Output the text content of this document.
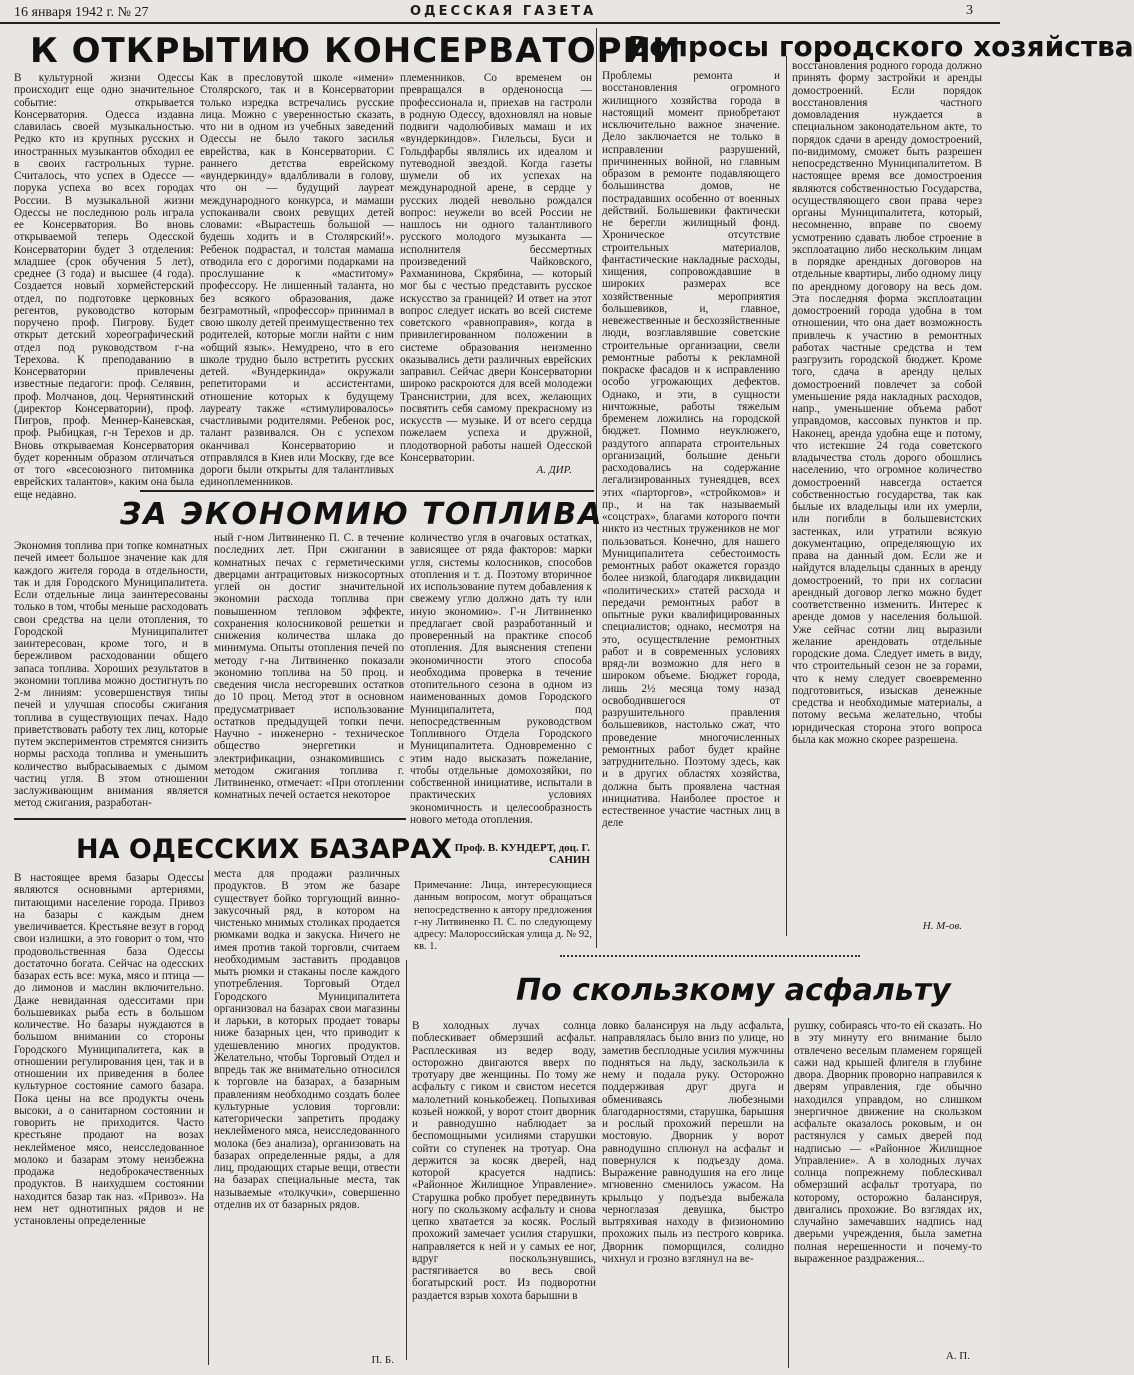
16 января 1942 г. № 27	ОДЕССКАЯ ГАЗЕТА	3
К ОТКРЫТИЮ КОНСЕРВАТОРИИ
В культурной жизни Одессы происходит еще одно значительное событие: открывается Консерватория. Одесса издавна славилась своей музыкальностью. Редко кто из крупных русских и иностранных музыкантов обходил ее в своих гастрольных турне. Считалось, что успех в Одессе — порука успеха во всех городах России. В музыкальной жизни Одессы не последнюю роль играла ее Консерватория. Во вновь открываемой теперь Одесской Консерватории будет 3 отделения: младшее (срок обучения 5 лет), среднее (3 года) и высшее (4 года). Создается новый хормейстерский отдел, по подготовке церковных регентов, руководство которым поручено проф. Пигрову. Будет открыт детский хореографический отдел под руководством г-на Терехова. К преподаванию в Консерватории привлечены известные педагоги: проф. Селявин, проф. Молчанов, доц. Чернятинский (директор Консерватории), проф. Пигров, проф. Меннер-Каневская, проф. Рыбицкая, г-н Терехов и др. Вновь открываемая Консерватория будет коренным образом отличаться от того «всесоюзного питомника еврейских талантов», каким она была еще недавно.
Как в пресловутой школе «имени» Столярского, так и в Консерватории только изредка встречались русские лица. Можно с уверенностью сказать, что ни в одном из учебных заведений Одессы не было такого засилья еврейства, как в Консерватории. С раннего детства еврейскому «вундеркинду» вдалбливали в голову, что он — будущий лауреат международного конкурса, и мамаши успокаивали своих ревущих детей словами: «Вырастешь большой — будешь ходить и в Столярский!». Ребенок подрастал, и толстая мамаша отводила его с дорогими подарками на прослушание к «маститому» профессору. Не лишенный таланта, но без всякого образования, даже безграмотный, «профессор» принимал в свою школу детей преимущественно тех родителей, которые могли найти с ним «общий язык». Немудрено, что в его школе трудно было встретить русских детей. «Вундеркинда» окружали репетиторами и ассистентами, отношение которых к будущему лауреату также «стимулировалось» счастливыми родителями. Ребенок рос, талант развивался. Он с успехом оканчивал Консерваторию и отправлялся в Киев или Москву, где все дороги были открыты для талантливых единоплеменников.
племенников. Со временем он превращался в орденоносца — профессионала и, приехав на гастроли в родную Одессу, вдохновлял на новые подвиги чадолюбивых мамаш и их «вундеркиндов». Гилельсы, Буси и Гольдфарбы являлись их идеалом и путеводной звездой. Когда газеты шумели об их успехах на международной арене, в сердце у русских людей невольно рождался вопрос: неужели во всей России не нашлось ни одного талантливого русского молодого музыканта — исполнителя бессмертных произведений Чайковского, Рахманинова, Скрябина, — который мог бы с честью представить русское искусство за границей? И ответ на этот вопрос следует искать во всей системе советского «равноправия», когда в привилегированном положении в системе образования неизменно оказывались дети различных еврейских заправил. Сейчас двери Консерватории широко раскроются для всей молодежи Транснистрии, для всех, желающих посвятить себя самому прекрасному из искусств — музыке. И от всего сердца пожелаем успеха и дружной, плодотворной работы нашей Одесской Консерватории.
А. ДИР.
Вопросы городского хозяйства
Проблемы ремонта и восстановления огромного жилищного хозяйства города в настоящий момент приобретают исключительно важное значение. Дело заключается не только в исправлении разрушений, причиненных войной, но главным образом в ремонте подавляющего большинства домов, не пострадавших особенно от военных действий. Большевики фактически не берегли жилищный фонд. Хроническое отсутствие строительных материалов, фантастические накладные расходы, хищения, сопровождавшие в широких размерах все хозяйственные мероприятия большевиков, и, главное, невежественные и бесхозяйственные люди, возглавлявшие советские строительные организации, свели ремонтные работы к рекламной покраске фасадов и к исправлению особо угрожающих дефектов. Однако, и эти, в сущности ничтожные, работы тяжелым бременем ложились на городской бюджет. Помимо неуклюжего, раздутого аппарата строительных организаций, большие деньги расходовались на содержание легализированных тунеядцев, всех этих «парторгов», «стройкомов» и пр., и на так называемый «соцстрах», благами которого почти никто из честных тружеников не мог пользоваться. Конечно, для нашего Муниципалитета себестоимость ремонтных работ окажется гораздо более низкой, благодаря ликвидации «политических» статей расхода и передачи ремонтных работ в опытные руки квалифицированных специалистов; однако, несмотря на это, осуществление ремонтных работ и в современных условиях вряд-ли возможно для него в широком объеме. Бюджет города, лишь 2½ месяца тому назад освободившегося от разрушительного правления большевиков, настолько сжат, что проведение многочисленных ремонтных работ будет крайне затруднительно. Поэтому здесь, как и в других областях хозяйства, должна быть проявлена частная инициатива. Наиболее простое и естественное участие частных лиц в деле
восстановления родного города должно принять форму застройки и аренды домостроений. Если порядок восстановления частного домовладения нуждается в специальном законодательном акте, то порядок сдачи в аренду домостроений, по-видимому, сможет быть разрешен непосредственно Муниципалитетом. В настоящее время все домостроения являются собственностью Государства, осуществляющего свои права через органы Муниципалитета, который, несомненно, вправе по своему усмотрению сдавать любое строение в эксплоатацию либо нескольким лицам в порядке арендных договоров на отдельные квартиры, либо одному лицу по арендному договору на весь дом. Эта последняя форма эксплоатации домостроений города удобна в том отношении, что она дает возможность привлечь к участию в ремонтных работах частные средства и тем разгрузить городской бюджет. Кроме того, сдача в аренду целых домостроений повлечет за собой уменьшение ряда накладных расходов, напр., уменьшение объема работ управдомов, кассовых пунктов и пр. Наконец, аренда удобна еще и потому, что истекшие 24 года советского владычества столь дорого обошлись населению, что огромное количество домостроений навсегда остается собственностью государства, так как былые их владельцы или их умерли, или погибли в большевистских застенках, или утратили всякую документацию, определяющую их права на данный дом. Если же и найдутся владельцы сданных в аренду домостроений, то при их согласии арендный договор легко можно будет соответственно изменить. Интерес к аренде домов у населения большой. Уже сейчас сотни лиц выразили желание арендовать отдельные городские дома. Следует иметь в виду, что строительный сезон не за горами, что к нему следует своевременно подготовиться, изыскав денежные средства и необходимые материалы, а потому весьма желательно, чтобы юридическая сторона этого вопроса была как можно скорее разрешена.
Н. М-ов.
ЗА ЭКОНОМИЮ ТОПЛИВА
Экономия топлива при топке комнатных печей имеет большое значение как для каждого жителя города в отдельности, так и для Городского Муниципалитета. Если отдельные лица заинтересованы только в том, чтобы меньше расходовать свои средства на цели отопления, то Городской Муниципалитет заинтересован, кроме того, и в бережливом расходовании общего запаса топлива. Хороших результатов в экономии топлива можно достигнуть по 2-м линиям: усовершенствуя типы печей и улучшая способы сжигания топлива в существующих печах. Надо приветствовать работу тех лиц, которые путем экспериментов стремятся снизить нормы расхода топлива и уменьшить количество выбрасываемых с дымом частиц угля. В этом отношении заслуживающим внимания является метод сжигания, разработан-
ный г-ном Литвиненко П. С. в течение последних лет. При сжигании в комнатных печах с герметическими дверцами антрацитовых низкосортных углей он достиг значительной экономии расхода топлива при повышенном тепловом эффекте, сохранения колосниковой решетки и снижения количества шлака до минимума. Опыты отопления печей по методу г-на Литвиненко показали экономию топлива на 50 проц. и сведения числа несгоревших остатков до 10 проц. Метод этот в основном предусматривает использование остатков предыдущей топки печи. Научно - инженерно - техническое общество энергетики и электрификации, ознакомившись с методом сжигания топлива г. Литвиненко, отмечает: «При отоплении комнатных печей остается некоторое
количество угля в очаговых остатках, зависящее от ряда факторов: марки угля, системы колосников, способов отопления и т. д. Поэтому вторичное их использование путем добавления к свежему углю должно дать ту или иную экономию». Г-н Литвиненко предлагает свой разработанный и проверенный на практике способ отопления. Для выяснения степени экономичности этого способа необходима проверка в течение отопительного сезона в одном из наименованных домов Городского Муниципалитета, под непосредственным руководством Топливного Отдела Городского Муниципалитета. Одновременно с этим надо высказать пожелание, чтобы отдельные домохозяйки, по собственной инициативе, испытали в практических условиях экономичность и целесообразность нового метода отопления.
Проф. В. КУНДЕРТ, доц. Г. САНИН
Примечание: Лица, интересующиеся данным вопросом, могут обращаться непосредственно к автору предложения г-ну Литвиненко П. С. по следующему адресу: Малороссийская улица д. № 92, кв. 1.
НА ОДЕССКИХ БАЗАРАХ
В настоящее время базары Одессы являются основными артериями, питающими население города. Привоз на базары с каждым днем увеличивается. Крестьяне везут в город свои излишки, а это говорит о том, что продовольственная база Одессы достаточно богата. Сейчас на одесских базарах есть все: мука, мясо и птица — до лимонов и маслин включительно. Даже невиданная одесситами при большевиках рыба есть в большом количестве. Но базары нуждаются в большом внимании со стороны Городского Муниципалитета, как в отношении регулирования цен, так и в отношении их приведения в более культурное состояние самого базара. Пока цены на все продукты очень высоки, а о санитарном состоянии и говорить не приходится. Часто крестьяне продают на возах неклейменое мясо, неисследованное молоко и базарам этому неизбежна продажа недоброкачественных продуктов. В наихудшем состоянии находится базар так наз. «Привоз». На нем нет однотипных рядов и не установлены определенные
места для продажи различных продуктов. В этом же базаре существует бойко торгующий винно-закусочный ряд, в котором на чистенько мнимых столиках продается рюмками водка и закуска. Ничего не имея против такой торговли, считаем необходимым заставить продавцов мыть рюмки и стаканы после каждого употребления. Торговый Отдел Городского Муниципалитета организовал на базарах свои магазины и ларьки, в которых продает товары ниже базарных цен, что приводит к удешевлению многих продуктов. Желательно, чтобы Торговый Отдел и впредь так же внимательно относился к торговле на базарах, а базарным правлениям необходимо создать более культурные условия торговли: категорически запретить продажу неклейменого мяса, неисследованного молока (без анализа), организовать на базарах определенные ряды, а для лиц, продающих старые вещи, отвести на базарах специальные места, так называемые «толкучки», совершенно отделив их от базарных рядов.
П. Б.
По скользкому асфальту
В холодных лучах солнца поблескивает обмерзший асфальт. Расплескивая из ведер воду, осторожно двигаются вверх по тротуару две женщины. По тому же асфальту с гиком и свистом несется малолетний конькобежец. Попыхивая козьей ножкой, у ворот стоит дворник и равнодушно наблюдает за беспомощными усилиями старушки сойти со ступенек на тротуар. Она держится за косяк дверей, над которой красуется надпись: «Районное Жилищное Управление». Старушка робко пробует передвинуть ногу по скользкому асфальту и снова цепко хватается за косяк. Рослый прохожий замечает усилия старушки, направляется к ней и у самых ее ног, вдруг поскользнувшись, растягивается во весь свой богатырский рост. Из подворотни раздается взрыв хохота барышни в
ловко балансируя на льду асфальта, направлялась было вниз по улице, но заметив бесплодные усилия мужчины подняться на льду, заскользила к нему и подала руку. Осторожно поддерживая друг друга и обмениваясь любезными благодарностями, старушка, барышня и рослый прохожий перешли на мостовую. Дворник у ворот равнодушно сплюнул на асфальт и повернулся к подъезду дома. Выражение равнодушия на его лице мгновенно сменилось ужасом. На крыльцо у подъезда выбежала черноглазая девушка, быстро вытряхивая находу в физиономию прохожих пыль из пестрого коврика. Дворник поморщился, солидно чихнул и грозно взглянул на ве-
рушку, собираясь что-то ей сказать. Но в эту минуту его внимание было отвлечено веселым пламенем горящей сажи над крышей флигеля в глубине двора. Дворник проворно направился к дверям управления, где обычно находился управдом, но слишком энергичное движение на скользком асфальте оказалось роковым, и он растянулся у самых дверей под надписью — «Районное Жилищное Управление». А в холодных лучах солнца попрежнему поблескивал обмерзший асфальт тротуара, по которому, осторожно балансируя, двигались прохожие. Во взглядах их, случайно замечавших надпись над дверьми учреждения, была заметна полная нерешенности и почему-то выраженное раздражения...
А. П.
